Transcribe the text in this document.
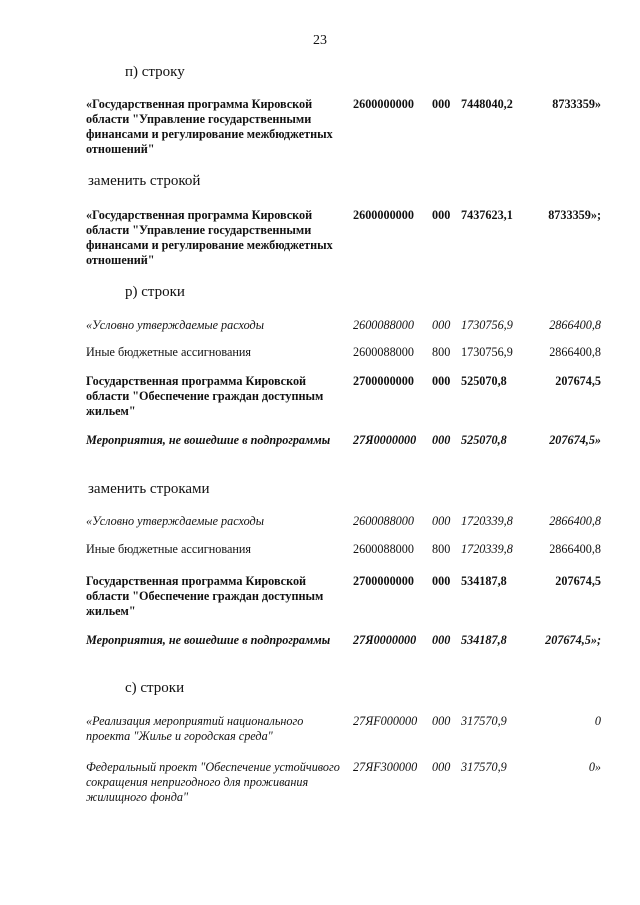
23
п) строку
«Государственная программа Кировской области "Управление государственными финансами и регулирование межбюджетных отношений"
2600000000	000 7448040,2	8733359»
заменить строкой
«Государственная программа Кировской области "Управление государственными финансами и регулирование межбюджетных отношений"
2600000000	000 7437623,1	8733359»;
р) строки
«Условно утверждаемые расходы	2600088000	000 1730756,9	2866400,8
Иные бюджетные ассигнования	2600088000	800 1730756,9	2866400,8
Государственная программа Кировской области "Обеспечение граждан доступным жильем"
2700000000	000 525070,8	207674,5
Мероприятия, не вошедшие в подпрограммы	27Я0000000	000 525070,8	207674,5»
заменить строками
«Условно утверждаемые расходы	2600088000	000 1720339,8	2866400,8
Иные бюджетные ассигнования	2600088000	800 1720339,8	2866400,8
Государственная программа Кировской области "Обеспечение граждан доступным жильем"
2700000000	000 534187,8	207674,5
Мероприятия, не вошедшие в подпрограммы	27Я0000000	000 534187,8	207674,5»;
с) строки
«Реализация мероприятий национального проекта "Жилье и городская среда"
27ЯF000000	000 317570,9	0
Федеральный проект "Обеспечение устойчивого сокращения непригодного для проживания жилищного фонда"
27ЯF300000	000 317570,9	0»
